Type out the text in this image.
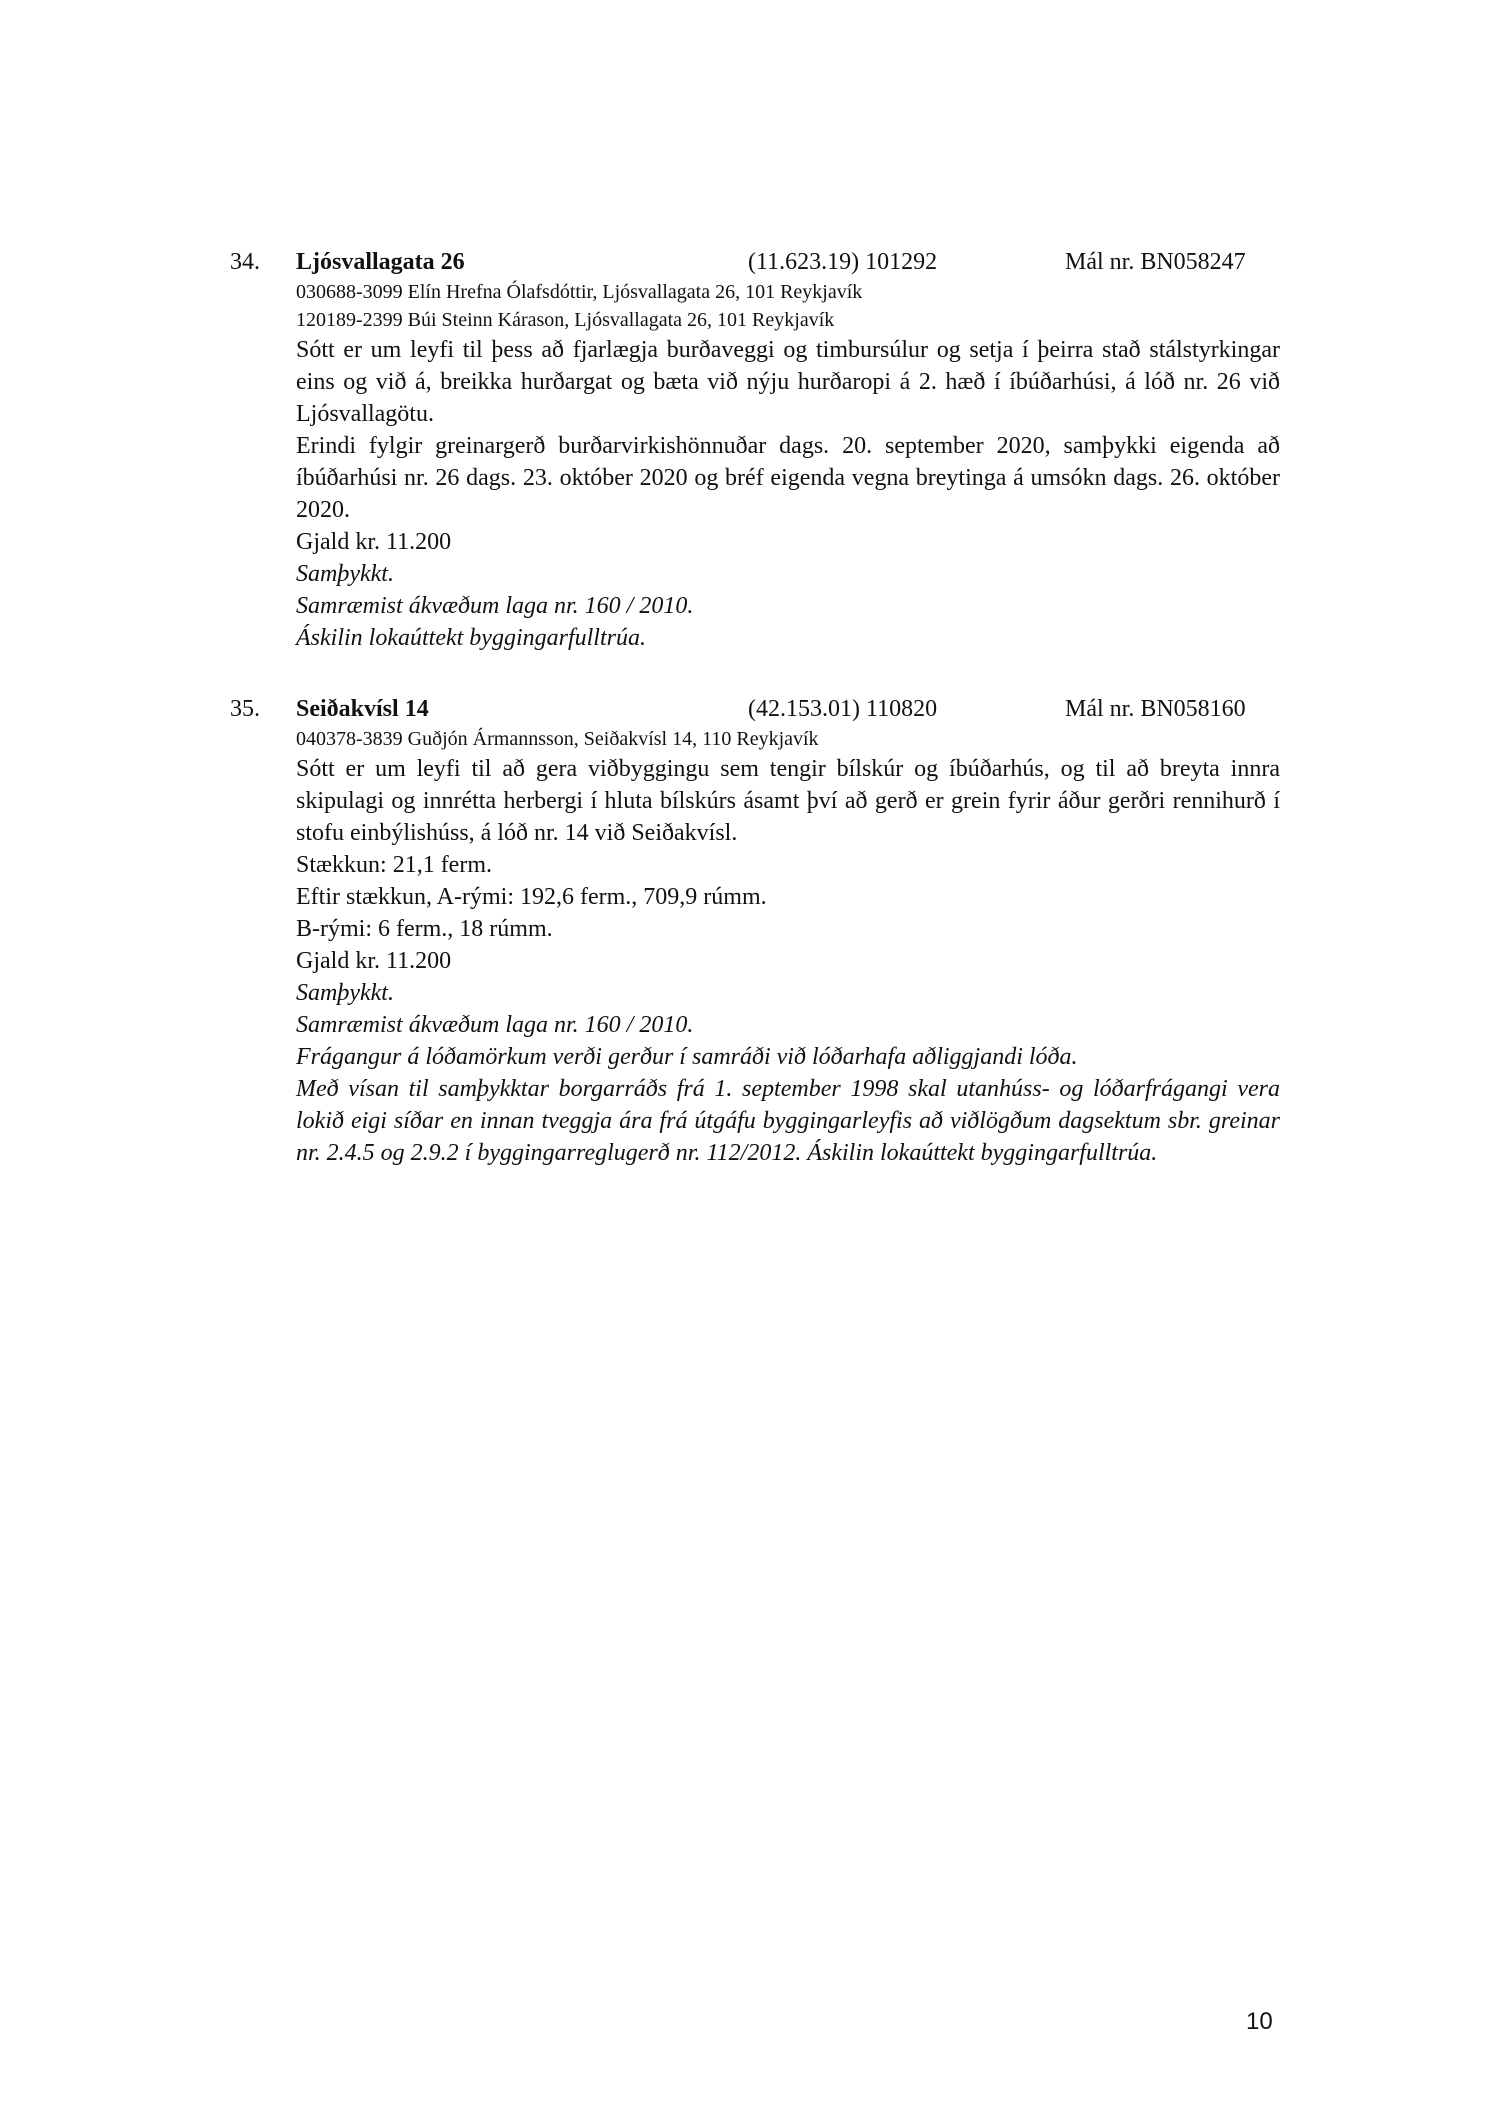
34. Ljósvallagata 26	(11.623.19) 101292	Mál nr. BN058247
030688-3099 Elín Hrefna Ólafsdóttir, Ljósvallagata 26, 101 Reykjavík
120189-2399 Búi Steinn Kárason, Ljósvallagata 26, 101 Reykjavík
Sótt er um leyfi til þess að fjarlægja burðaveggi og timbursúlur og setja í þeirra stað stálstyrkingar eins og við á, breikka hurðargat og bæta við nýju hurðaropi á 2. hæð í íbúðarhúsi, á lóð nr. 26 við Ljósvallagötu.
Erindi fylgir greinargerð burðarvirkishönnuðar dags. 20. september 2020, samþykki eigenda að íbúðarhúsi nr. 26 dags. 23. október 2020 og bréf eigenda vegna breytinga á umsókn dags. 26. október 2020.
Gjald kr. 11.200
Samþykkt.
Samræmist ákvæðum laga nr. 160 / 2010.
Áskilin lokaúttekt byggingarfulltrúa.
35. Seiðakvísl 14	(42.153.01) 110820	Mál nr. BN058160
040378-3839 Guðjón Ármannsson, Seiðakvísl 14, 110 Reykjavík
Sótt er um leyfi til að gera viðbyggingu sem tengir bílskúr og íbúðarhús, og til að breyta innra skipulagi og innrétta herbergi í hluta bílskúrs ásamt því að gerð er grein fyrir áður gerðri rennihurð í stofu einbýlishúss, á lóð nr. 14 við Seiðakvísl.
Stækkun: 21,1 ferm.
Eftir stækkun, A-rými: 192,6 ferm., 709,9 rúmm.
B-rými: 6 ferm., 18 rúmm.
Gjald kr. 11.200
Samþykkt.
Samræmist ákvæðum laga nr. 160 / 2010.
Frágangur á lóðamörkum verði gerður í samráði við lóðarhafa aðliggjandi lóða.
Með vísan til samþykktar borgarráðs frá 1. september 1998 skal utanhúss- og lóðarfrágangi vera lokið eigi síðar en innan tveggja ára frá útgáfu byggingarleyfis að viðlögðum dagsektum sbr. greinar nr. 2.4.5 og 2.9.2 í byggingarreglugerð nr. 112/2012. Áskilin lokaúttekt byggingarfulltrúa.
10
